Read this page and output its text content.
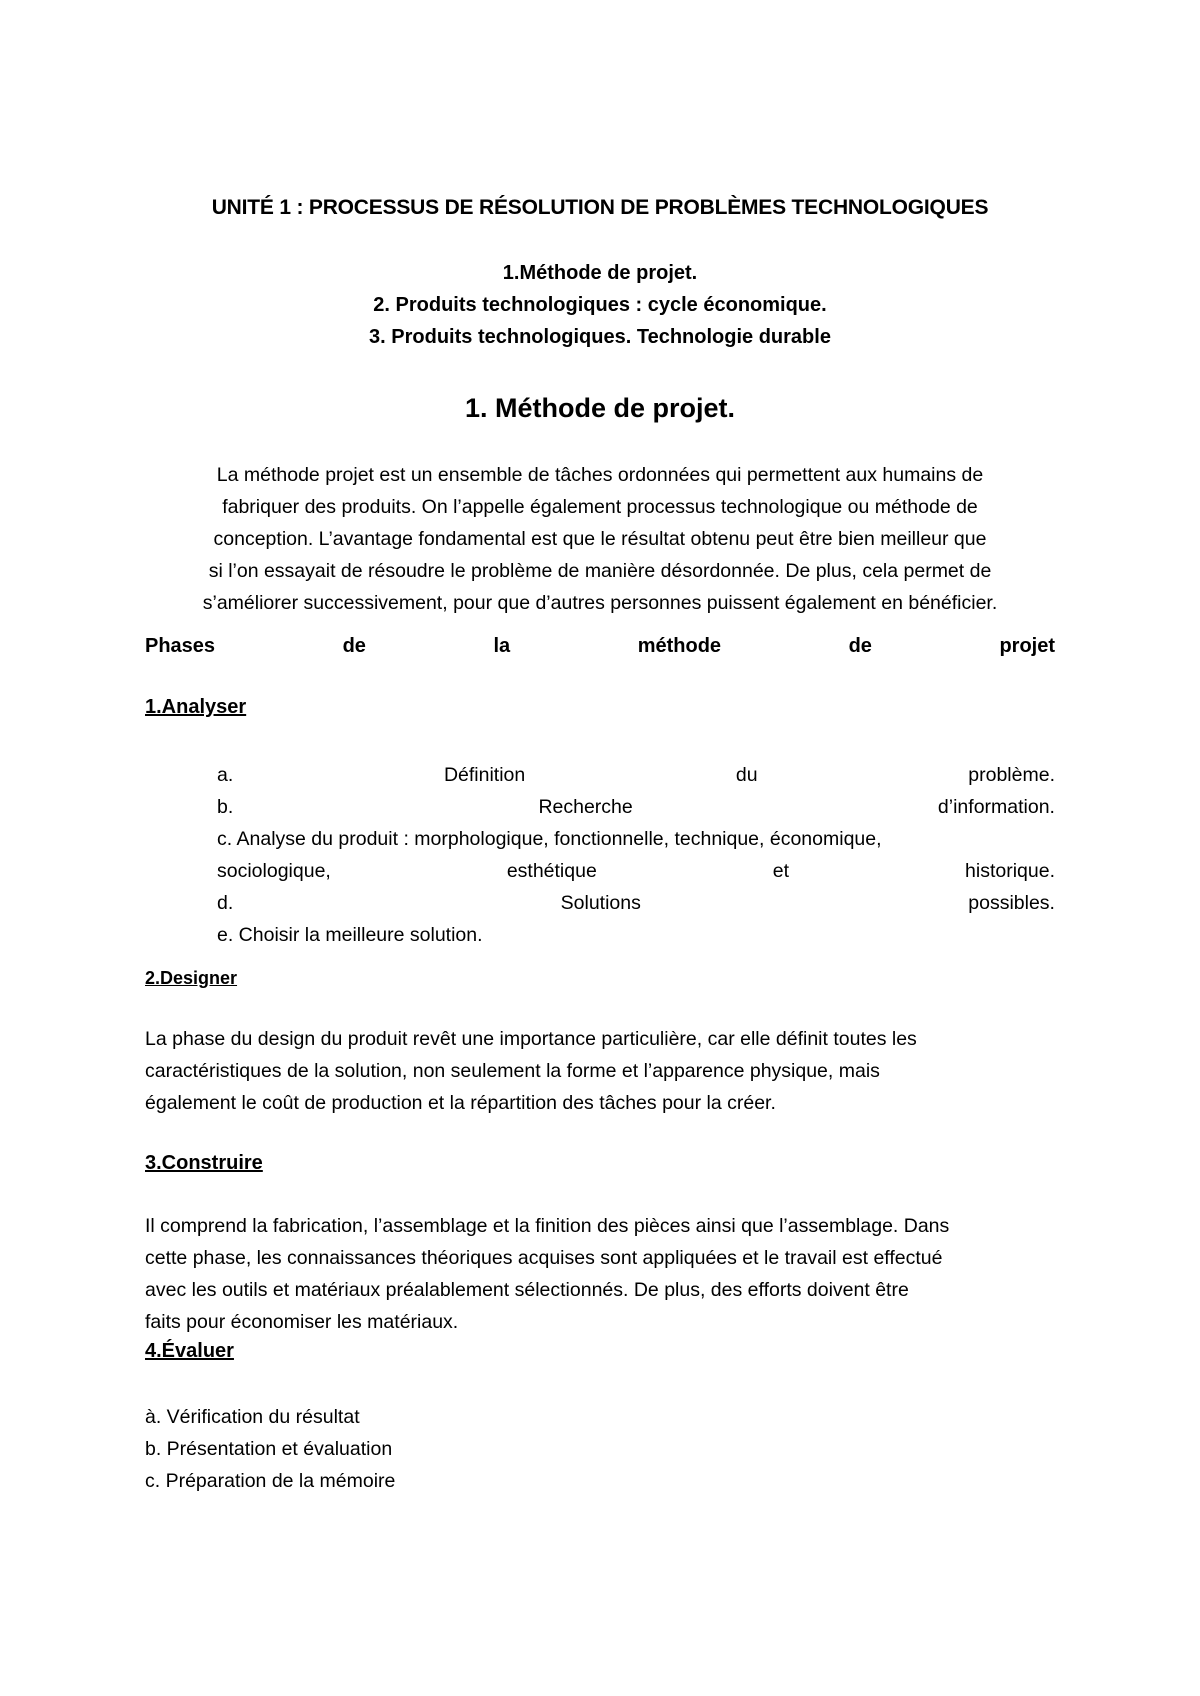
UNITÉ 1 : PROCESSUS DE RÉSOLUTION DE PROBLÈMES TECHNOLOGIQUES
1.Méthode de projet.
2. Produits technologiques : cycle économique.
3. Produits technologiques. Technologie durable
1. Méthode de projet.
La méthode projet est un ensemble de tâches ordonnées qui permettent aux humains de
fabriquer des produits. On l’appelle également processus technologique ou méthode de
conception. L’avantage fondamental est que le résultat obtenu peut être bien meilleur que
si l’on essayait de résoudre le problème de manière désordonnée. De plus, cela permet de
s’améliorer successivement, pour que d’autres personnes puissent également en bénéficier.
Phases	de	la	méthode	de	projet
1.Analyser
a.	Définition	du	problème.
b.	Recherche	d’information.
c. Analyse du produit : morphologique, fonctionnelle, technique, économique,
sociologique,	esthétique	et	historique.
d.	Solutions	possibles.
e. Choisir la meilleure solution.
2.Designer
La phase du design du produit revêt une importance particulière, car elle définit toutes les
caractéristiques de la solution, non seulement la forme et l’apparence physique, mais
également le coût de production et la répartition des tâches pour la créer.
3.Construire
Il comprend la fabrication, l’assemblage et la finition des pièces ainsi que l’assemblage. Dans
cette phase, les connaissances théoriques acquises sont appliquées et le travail est effectué
avec les outils et matériaux préalablement sélectionnés. De plus, des efforts doivent être
faits pour économiser les matériaux.
4.Évaluer
à. Vérification du résultat
b. Présentation et évaluation
c. Préparation de la mémoire
